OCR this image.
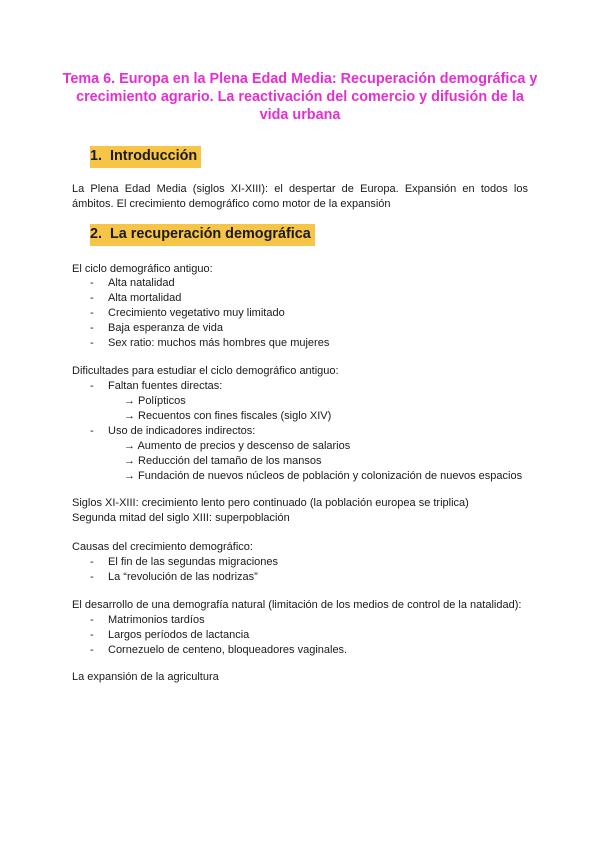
Tema 6. Europa en la Plena Edad Media: Recuperación demográfica y crecimiento agrario. La reactivación del comercio y difusión de la vida urbana
1. Introducción
La Plena Edad Media (siglos XI-XIII): el despertar de Europa. Expansión en todos los ámbitos. El crecimiento demográfico como motor de la expansión
2. La recuperación demográfica
El ciclo demográfico antiguo:
- Alta natalidad
- Alta mortalidad
- Crecimiento vegetativo muy limitado
- Baja esperanza de vida
- Sex ratio: muchos más hombres que mujeres
Dificultades para estudiar el ciclo demográfico antiguo:
- Faltan fuentes directas:
→ Polípticos
→ Recuentos con fines fiscales (siglo XIV)
- Uso de indicadores indirectos:
→ Aumento de precios y descenso de salarios
→ Reducción del tamaño de los mansos
→ Fundación de nuevos núcleos de población y colonización de nuevos espacios
Siglos XI-XIII: crecimiento lento pero continuado (la población europea se triplica)
Segunda mitad del siglo XIII: superpoblación
Causas del crecimiento demográfico:
- El fin de las segundas migraciones
- La “revolución de las nodrizas”
El desarrollo de una demografía natural (limitación de los medios de control de la natalidad):
- Matrimonios tardíos
- Largos períodos de lactancia
- Cornezuelo de centeno, bloqueadores vaginales.
La expansión de la agricultura
